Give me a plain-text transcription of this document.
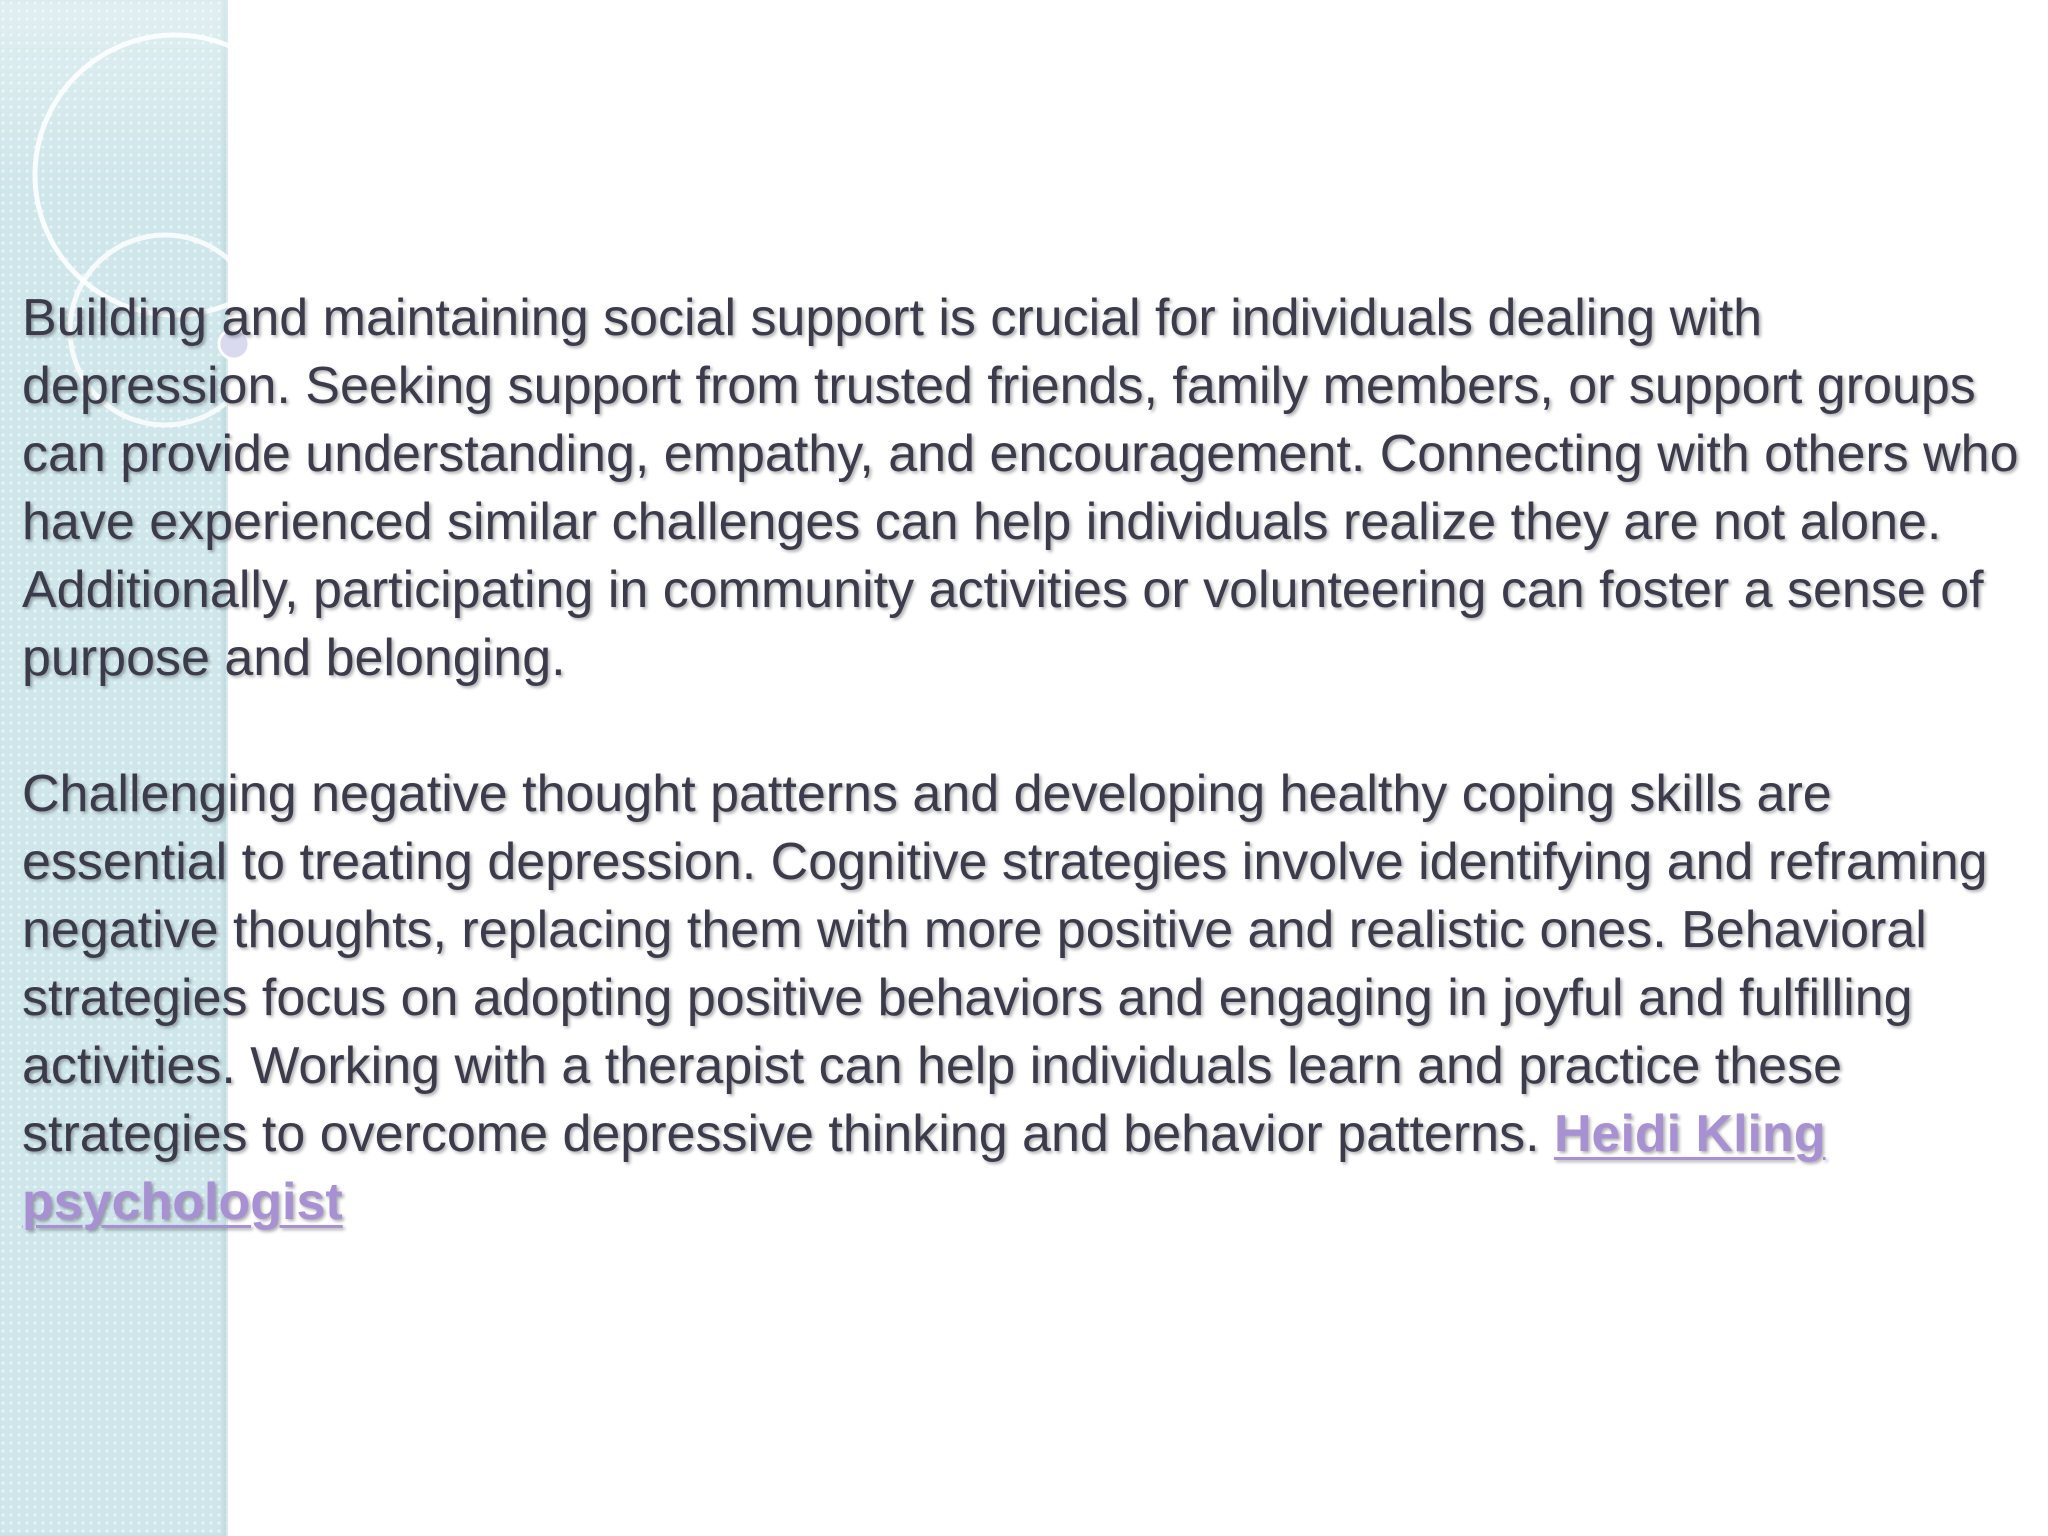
Building and maintaining social support is crucial for individuals dealing with depression. Seeking support from trusted friends, family members, or support groups can provide understanding, empathy, and encouragement. Connecting with others who have experienced similar challenges can help individuals realize they are not alone. Additionally, participating in community activities or volunteering can foster a sense of purpose and belonging.

Challenging negative thought patterns and developing healthy coping skills are essential to treating depression. Cognitive strategies involve identifying and reframing negative thoughts, replacing them with more positive and realistic ones. Behavioral strategies focus on adopting positive behaviors and engaging in joyful and fulfilling activities. Working with a therapist can help individuals learn and practice these strategies to overcome depressive thinking and behavior patterns. Heidi Kling psychologist
